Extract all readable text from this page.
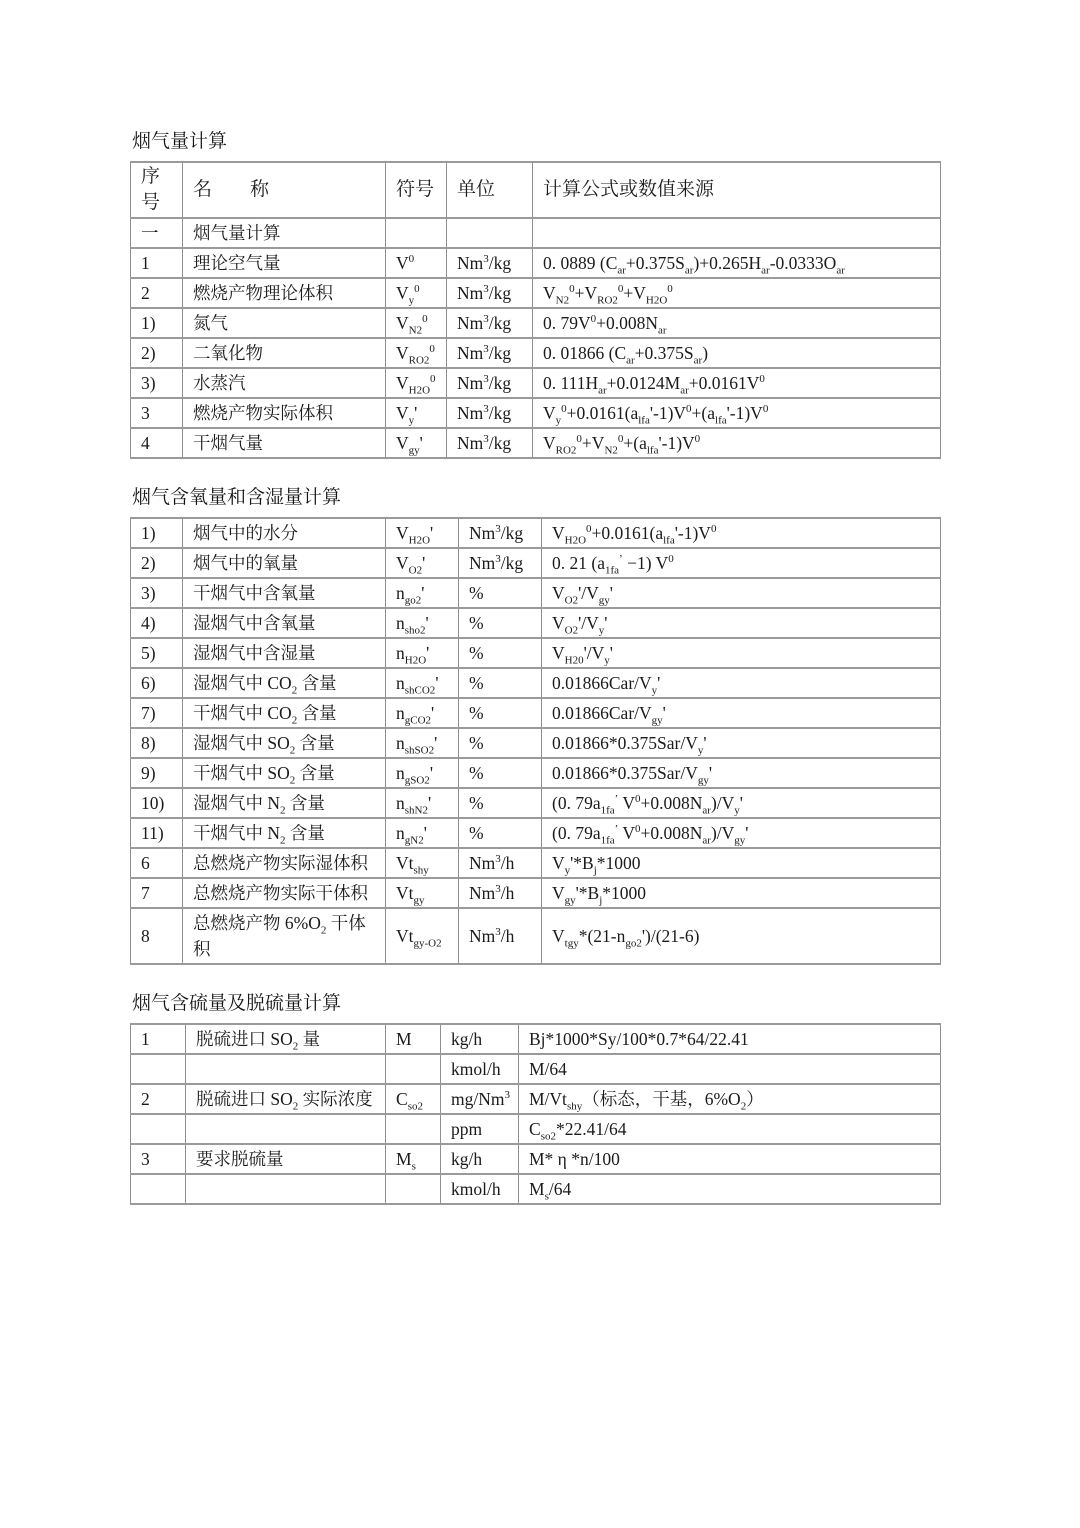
烟气量计算
序号	名　　称	符号	单位	计算公式或数值来源
一	烟气量计算			
1	理论空气量	$V^0$	Nm$^3$/kg	0. 0889 $(C_{ar}+0.375S_{ar})+0.265H_{ar}-0.0333O_{ar}$
2	燃烧产物理论体积	$V_y^0$	Nm$^3$/kg	$V_{N2}^0+V_{RO2}^0+V_{H2O}^0$
1)	氮气	$V_{N2}^0$	Nm$^3$/kg	0. $79V^0+0.008N_{ar}$
2)	二氧化物	$V_{RO2}^0$	Nm$^3$/kg	0. 01866 $(C_{ar}+0.375S_{ar})$
3)	水蒸汽	$V_{H2O}^0$	Nm$^3$/kg	0. $111H_{ar}+0.0124M_{ar}+0.0161V^0$
3	燃烧产物实际体积	$V_y'$	Nm$^3$/kg	$V_y^0+0.0161(a_{lfa}'-1)V^0+(a_{lfa}'-1)V^0$
4	干烟气量	$V_{gy}'$	Nm$^3$/kg	$V_{RO2}^0+V_{N2}^0+(a_{lfa}'-1)V^0$
烟气含氧量和含湿量计算
1)	烟气中的水分	$V_{H2O}'$	Nm$^3$/kg	$V_{H2O}^0+0.0161(a_{lfa}'-1)V^0$
2)	烟气中的氧量	$V_{O2}'$	Nm$^3$/kg	0. 21 $(a_{1fa}^’ -1)$ $V^0$
3)	干烟气中含氧量	$n_{go2}'$	%	$V_{O2}'/V_{gy}'$
4)	湿烟气中含氧量	$n_{sho2}'$	%	$V_{O2}'/V_y'$
5)	湿烟气中含湿量	$n_{H2O}'$	%	$V_{H20}'/V_y'$
6)	湿烟气中 $CO_2$ 含量	$n_{shCO2}'$	%	$0.01866Car/V_y'$
7)	干烟气中 $CO_2$ 含量	$n_{gCO2}'$	%	$0.01866Car/V_{gy}'$
8)	湿烟气中 $SO_2$ 含量	$n_{shSO2}'$	%	$0.01866*0.375Sar/V_y'$
9)	干烟气中 $SO_2$ 含量	$n_{gSO2}'$	%	$0.01866*0.375Sar/V_{gy}'$
10)	湿烟气中 $N_2$ 含量	$n_{shN2}'$	%	(0. $79a_{1fa}^’$ $V^0+0.008N_{ar})/V_y'$
11)	干烟气中 $N_2$ 含量	$n_{gN2}'$	%	(0. $79a_{1fa}^’$ $V^0+0.008N_{ar})/V_{gy}'$
6	总燃烧产物实际湿体积	$Vt_{shy}$	Nm$^3$/h	$V_y'*B_j*1000$
7	总燃烧产物实际干体积	$Vt_{gy}$	Nm$^3$/h	$V_{gy}'*B_j*1000$
8	总燃烧产物 $6\%O_2$ 干体积	$Vt_{gy-O2}$	Nm$^3$/h	$V_{tgy}*(21-n_{go2}')/(21-6)$
烟气含硫量及脱硫量计算
1	脱硫进口 $SO_2$ 量	M	kg/h	Bj*1000*Sy/100*0.7*64/22.41
			kmol/h	M/64
2	脱硫进口 $SO_2$ 实际浓度	$C_{so2}$	mg/Nm$^3$	$M/Vt_{shy}$（标态，干基，$6\%O_2$）
			ppm	$C_{so2}*22.41/64$
3	要求脱硫量	$M_s$	kg/h	M* η *n/100
			kmol/h	$M_s/64$
